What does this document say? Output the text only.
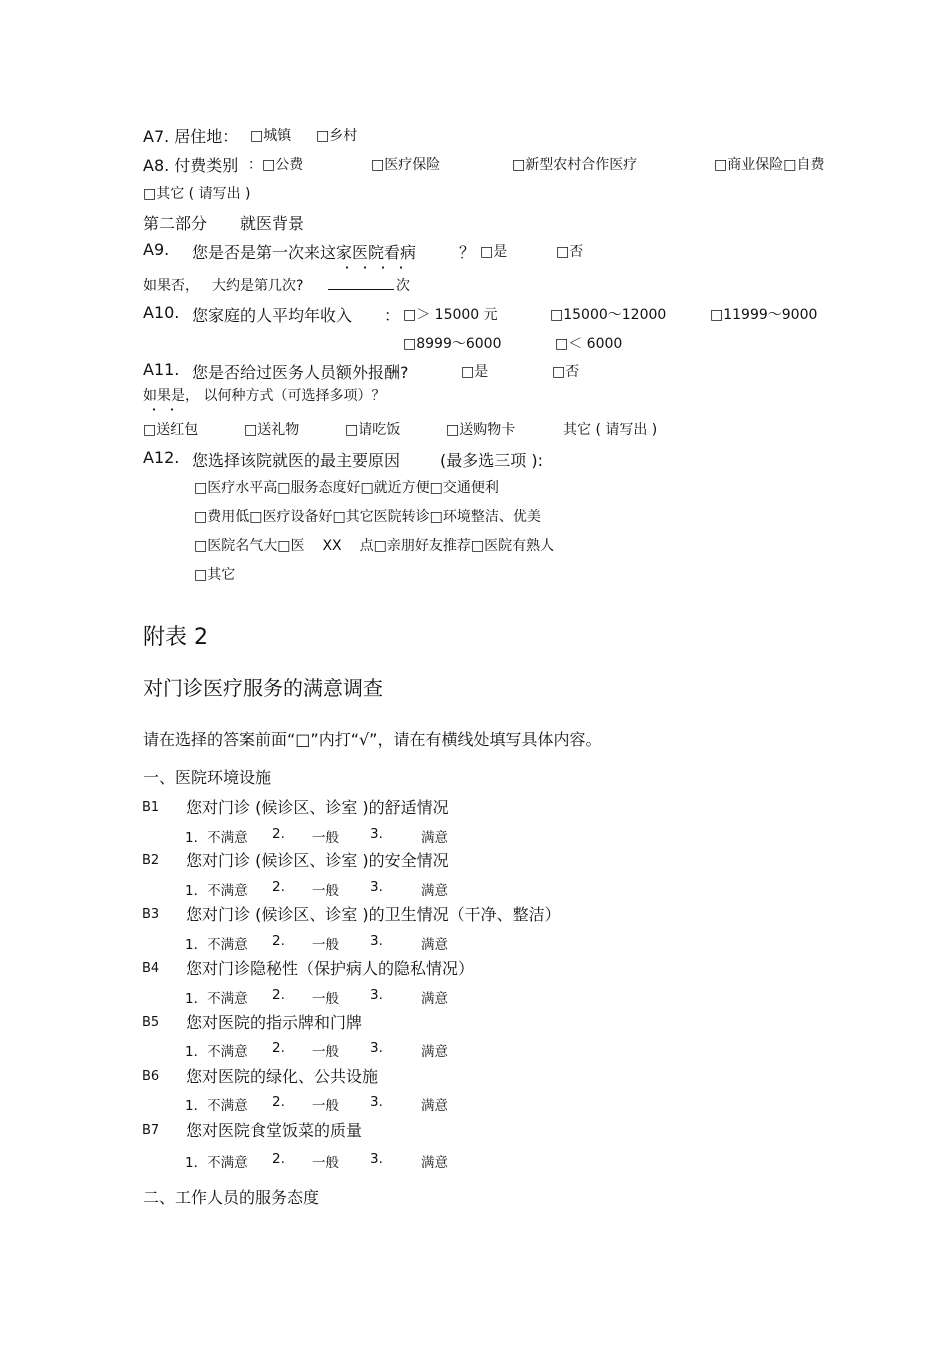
A7. 居住地： □城镇 □乡村
A8. 付费类别 ：□公费	□医疗保险	□新型农村合作医疗	□商业保险□自费
□其它 ( 请写出 )
第二部分 就医背景
A9. 您是否是第一次来这家医院看病	？ □是	□否
如果否， 大约是第几次?	次
A10. 您家庭的人平均年收入 ： □＞ 15000 元	□15000～12000	□11999～9000
□8999～6000	□＜ 6000
A11. 您是否给过医务人员额外报酬?	□是	□否
如果是， 以何种方式（可选择多项）？
□送红包	□送礼物	□请吃饭	□送购物卡	其它 ( 请写出 )
A12. 您选择该院就医的最主要原因 (最多选三项 ):
□医疗水平高□服务态度好□就近方便□交通便利
□费用低□医疗设备好□其它医院转诊□环境整洁、优美
□医院名气大□医 XX 点□亲朋好友推荐□医院有熟人
□其它
附表 2
对门诊医疗服务的满意调查
请在选择的答案前面“□”内打“√”，请在有横线处填写具体内容。
一、医院环境设施
B1 您对门诊 (候诊区、诊室 )的舒适情况
1．不满意 2. 一般 3.	满意
B2 您对门诊 (候诊区、诊室 )的安全情况
1．不满意 2. 一般 3.	满意
B3 您对门诊 (候诊区、诊室 )的卫生情况（干净、整洁）
1．不满意 2. 一般 3.	满意
B4 您对门诊隐秘性（保护病人的隐私情况）
1．不满意 2. 一般 3.	满意
B5 您对医院的指示牌和门牌
1．不满意 2. 一般 3.	满意
B6 您对医院的绿化、公共设施
1．不满意 2. 一般 3.	满意
B7 您对医院食堂饭菜的质量
1．不满意 2. 一般 3.	满意
二、工作人员的服务态度
